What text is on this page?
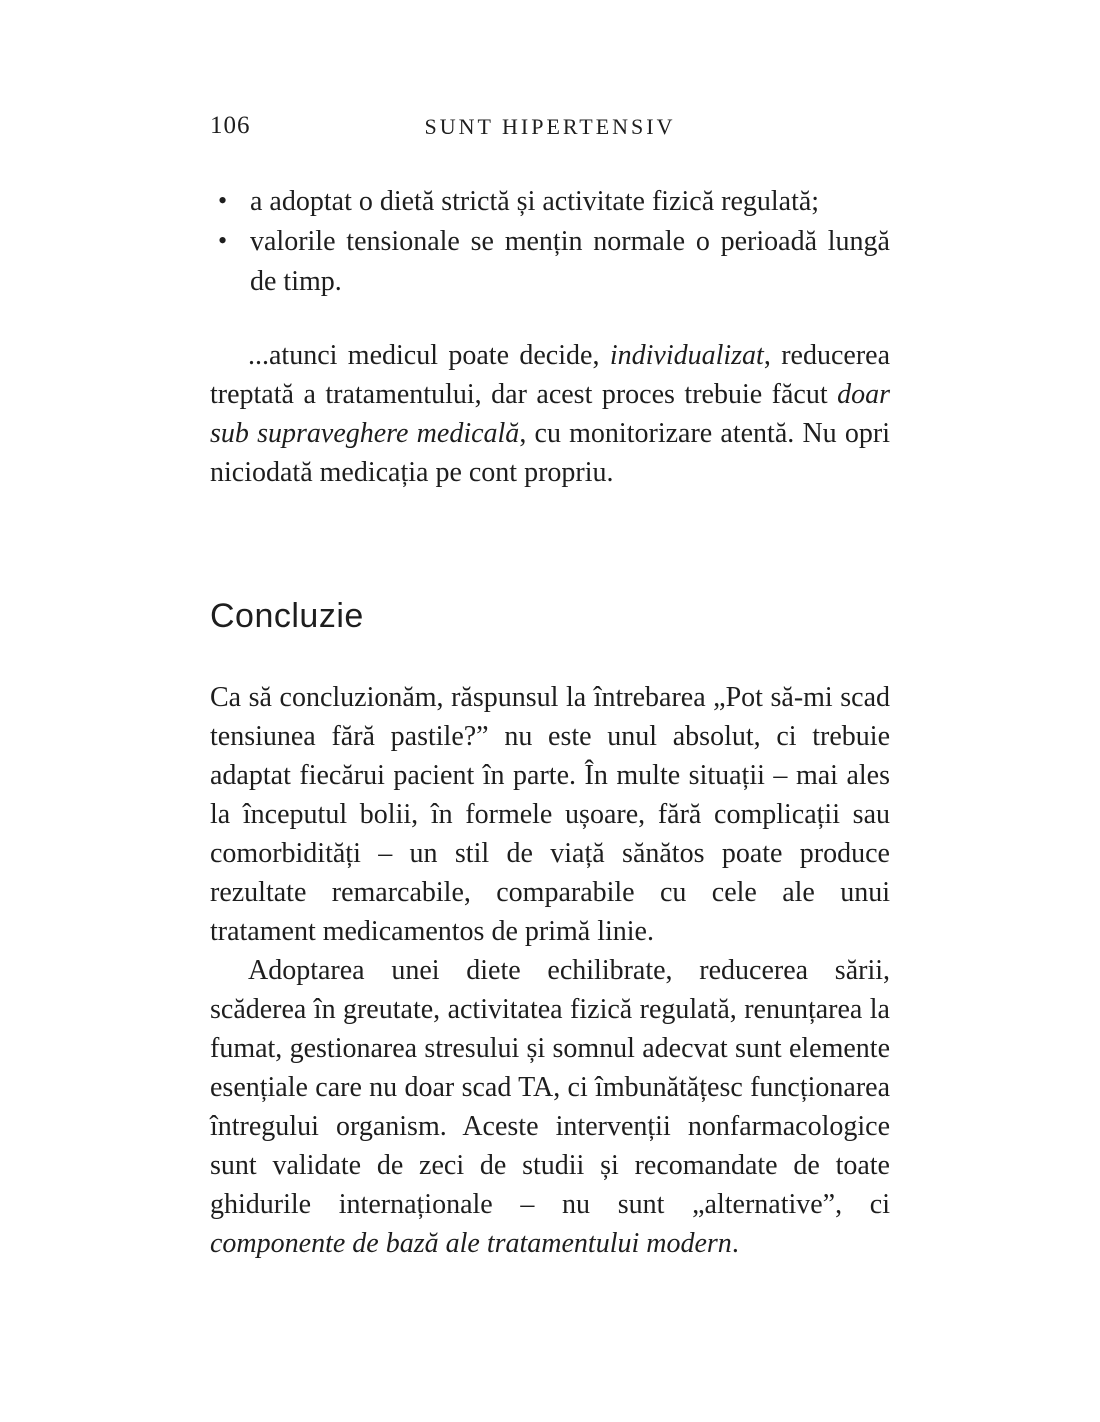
106	SUNT HIPERTENSIV
• a adoptat o dietă strictă și activitate fizică regulată;
• valorile tensionale se mențin normale o perioadă lungă de timp.

...atunci medicul poate decide, individualizat, reducerea treptată a tratamentului, dar acest proces trebuie făcut doar sub supraveghere medicală, cu monitorizare atentă. Nu opri niciodată medicația pe cont propriu.

Concluzie

Ca să concluzionăm, răspunsul la întrebarea „Pot să-mi scad tensiunea fără pastile?” nu este unul absolut, ci trebuie adaptat fiecărui pacient în parte. În multe situații – mai ales la începutul bolii, în formele ușoare, fără complicații sau comorbidități – un stil de viață sănătos poate produce rezultate remarcabile, comparabile cu cele ale unui tratament medicamentos de primă linie.

Adoptarea unei diete echilibrate, reducerea sării, scăderea în greutate, activitatea fizică regulată, renunțarea la fumat, gestionarea stresului și somnul adecvat sunt elemente esențiale care nu doar scad TA, ci îmbunătățesc funcționarea întregului organism. Aceste intervenții nonfarmacologice sunt validate de zeci de studii și recomandate de toate ghidurile internaționale – nu sunt „alternative”, ci componente de bază ale tratamentului modern.
